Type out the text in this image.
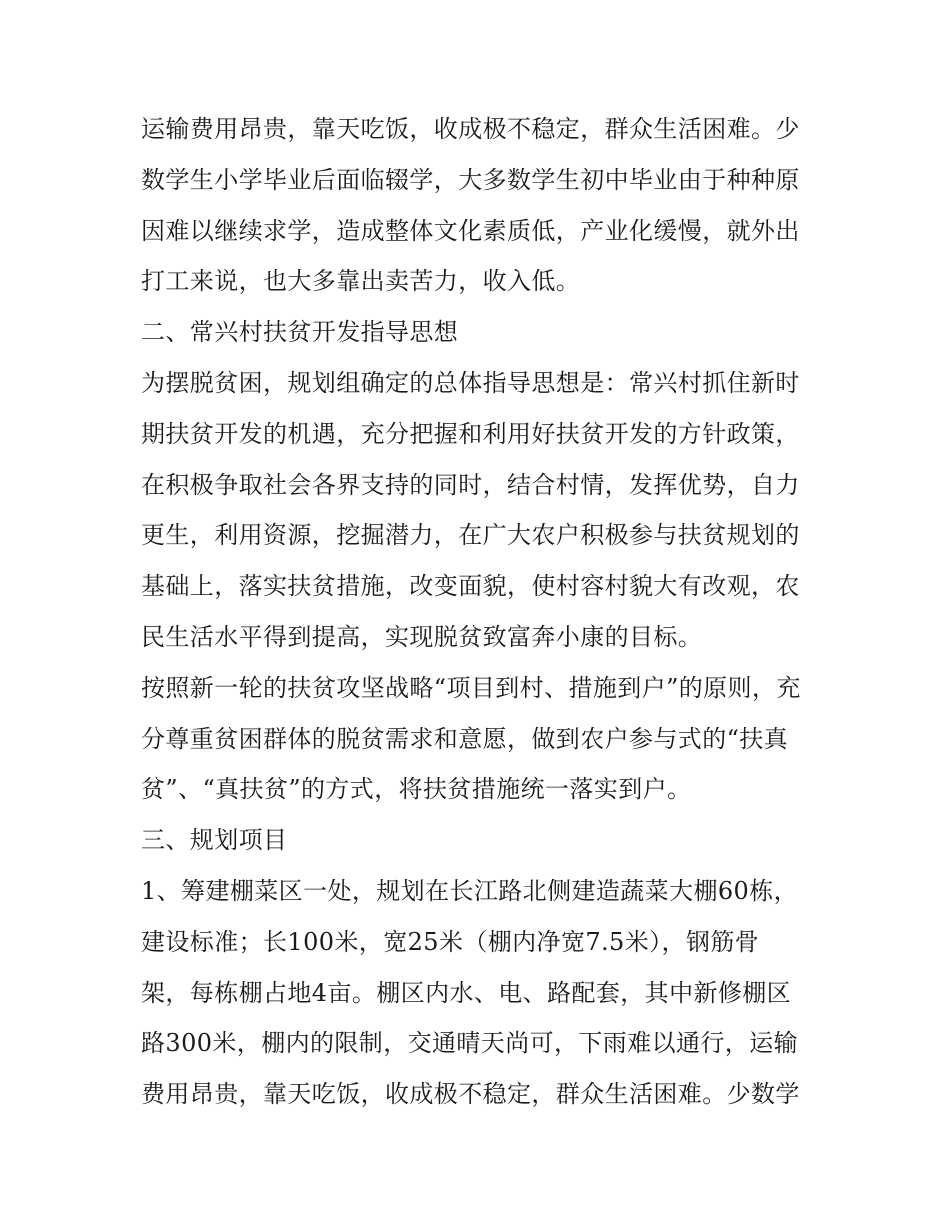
运输费用昂贵，靠天吃饭，收成极不稳定，群众生活困难。少
数学生小学毕业后面临辍学，大多数学生初中毕业由于种种原
因难以继续求学，造成整体文化素质低，产业化缓慢，就外出
打工来说，也大多靠出卖苦力，收入低。
二、常兴村扶贫开发指导思想
为摆脱贫困，规划组确定的总体指导思想是：常兴村抓住新时
期扶贫开发的机遇，充分把握和利用好扶贫开发的方针政策，
在积极争取社会各界支持的同时，结合村情，发挥优势，自力
更生，利用资源，挖掘潜力，在广大农户积极参与扶贫规划的
基础上，落实扶贫措施，改变面貌，使村容村貌大有改观，农
民生活水平得到提高，实现脱贫致富奔小康的目标。
按照新一轮的扶贫攻坚战略“项目到村、措施到户”的原则，充
分尊重贫困群体的脱贫需求和意愿，做到农户参与式的“扶真
贫”、“真扶贫”的方式，将扶贫措施统一落实到户。
三、规划项目
1、筹建棚菜区一处，规划在长江路北侧建造蔬菜大棚60栋，
建设标准；长100米，宽25米（棚内净宽7.5米），钢筋骨
架，每栋棚占地4亩。棚区内水、电、路配套，其中新修棚区
路300米，棚内的限制，交通晴天尚可，下雨难以通行，运输
费用昂贵，靠天吃饭，收成极不稳定，群众生活困难。少数学
